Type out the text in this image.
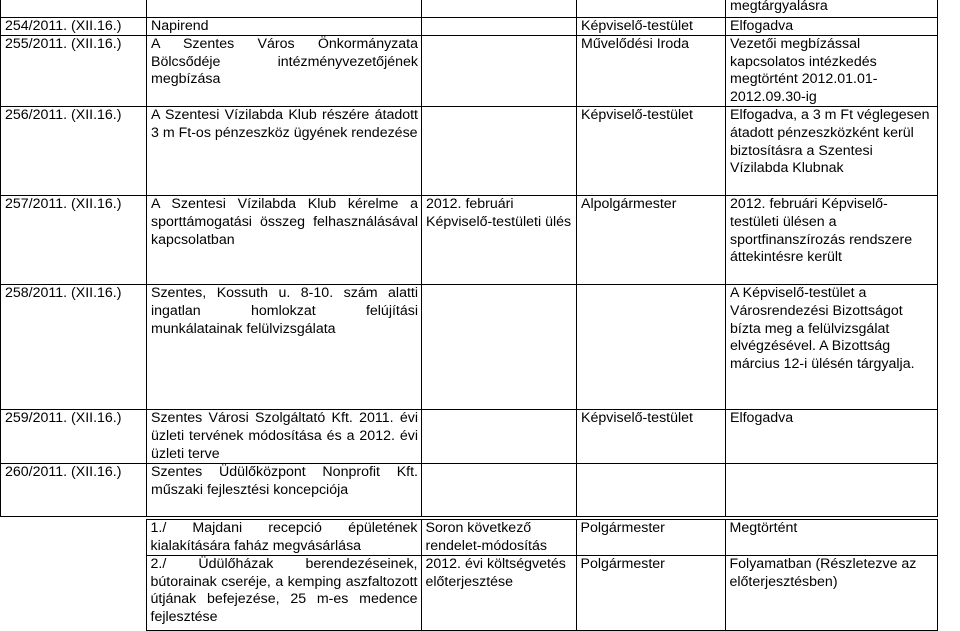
				megtárgyalásra
254/2011. (XII.16.)	Napirend		Képviselő-testület	Elfogadva
255/2011. (XII.16.)	A Szentes Város Önkormányzata Bölcsődéje intézményvezetőjének megbízása		Művelődési Iroda	Vezetői megbízással kapcsolatos intézkedés megtörtént 2012.01.01-2012.09.30-ig
256/2011. (XII.16.)	A Szentesi Vízilabda Klub részére átadott 3 m Ft-os pénzeszköz ügyének rendezése		Képviselő-testület	Elfogadva, a 3 m Ft véglegesen átadott pénzeszközként kerül biztosításra a Szentesi Vízilabda Klubnak
257/2011. (XII.16.)	A Szentesi Vízilabda Klub kérelme a sporttámogatási összeg felhasználásával kapcsolatban	2012. februári Képviselő-testületi ülés	Alpolgármester	2012. februári Képviselő-testületi ülésen a sportfinanszírozás rendszere áttekintésre került
258/2011. (XII.16.)	Szentes, Kossuth u. 8-10. szám alatti ingatlan homlokzat felújítási munkálatainak felülvizsgálata			A Képviselő-testület a Városrendezési Bizottságot bízta meg a felülvizsgálat elvégzésével. A Bizottság március 12-i ülésén tárgyalja.
259/2011. (XII.16.)	Szentes Városi Szolgáltató Kft. 2011. évi üzleti tervének módosítása és a 2012. évi üzleti terve		Képviselő-testület	Elfogadva
260/2011. (XII.16.)	Szentes Üdülőközpont Nonprofit Kft. műszaki fejlesztési koncepciója			
	1./ Majdani recepció épületének kialakítására faház megvásárlása	Soron következő rendelet-módosítás	Polgármester	Megtörtént
	2./ Üdülőházak berendezéseinek, bútorainak cseréje, a kemping aszfaltozott útjának befejezése, 25 m-es medence fejlesztése	2012. évi költségvetés előterjesztése	Polgármester	Folyamatban (Részletezve az előterjesztésben)
